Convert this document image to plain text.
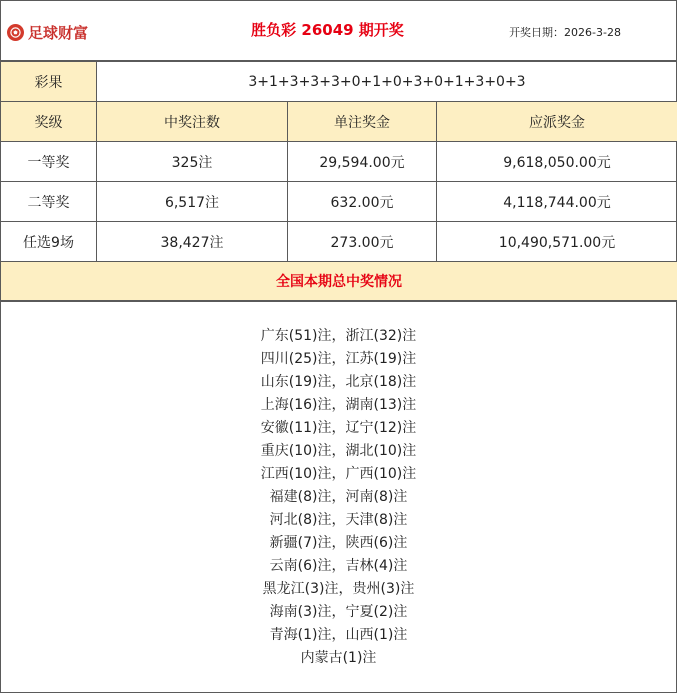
足球财富	胜负彩 26049 期开奖	开奖日期：2026-3-28
彩果	3+1+3+3+3+0+1+0+3+0+1+3+0+3		
奖级	中奖注数	单注奖金	应派奖金
一等奖	325注	29,594.00元	9,618,050.00元
二等奖	6,517注	632.00元	4,118,744.00元
任选9场	38,427注	273.00元	10,490,571.00元
全国本期总中奖情况			
广东(51)注，浙江(32)注
四川(25)注，江苏(19)注
山东(19)注，北京(18)注
上海(16)注，湖南(13)注
安徽(11)注，辽宁(12)注
重庆(10)注，湖北(10)注
江西(10)注，广西(10)注
福建(8)注，河南(8)注
河北(8)注，天津(8)注
新疆(7)注，陕西(6)注
云南(6)注，吉林(4)注
黑龙江(3)注，贵州(3)注
海南(3)注，宁夏(2)注
青海(1)注，山西(1)注
内蒙古(1)注
